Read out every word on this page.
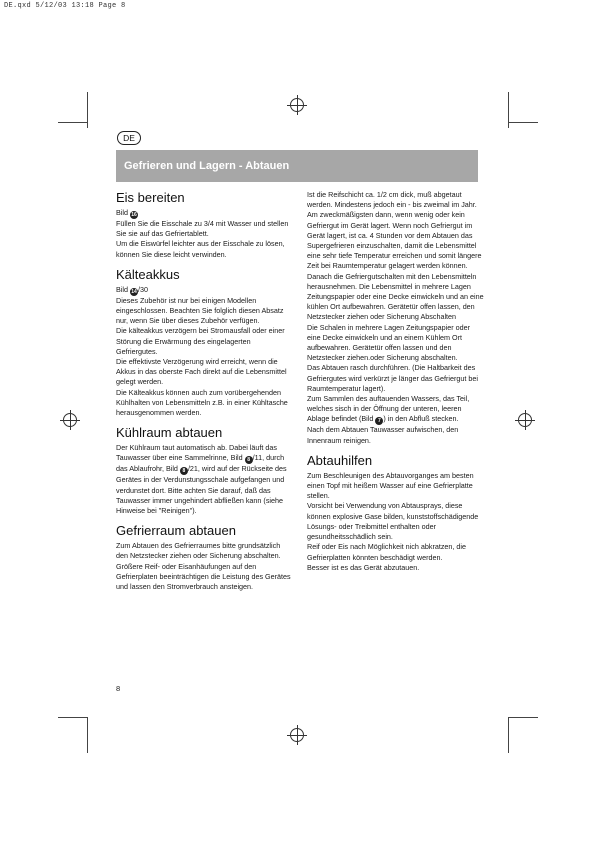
DE.qxd 5/12/03 13:18 Page 8
DE
Gefrieren und Lagern - Abtauen
Eis bereiten

Bild 16

Füllen Sie die Eisschale zu 3/4 mit Wasser und stellen Sie sie auf das Gefriertablett.

Um die Eiswürfel leichter aus der Eisschale zu lösen, können Sie diese leicht verwinden.

Kälteakkus

Bild 14/30

Dieses Zubehör ist nur bei einigen Modellen eingeschlossen. Beachten Sie folglich diesen Absatz nur, wenn Sie über dieses Zubehör verfügen.

Die kälteakkus verzögern bei Stromausfall oder einer Störung die Erwärmung des eingelagerten Gefriergutes.

Die effektivste Verzögerung wird erreicht, wenn die Akkus in das oberste Fach direkt auf die Lebensmittel gelegt werden.

Die Kälteakkus können auch zum vorübergehenden Kühlhalten von Lebensmitteln z.B. in einer Kühltasche herausgenommen werden.

Kühlraum abtauen

Der Kühlraum taut automatisch ab. Dabei läuft das Tauwasser über eine Sammelrinne, Bild 8 /11, durch das Ablaufrohr, Bild 8 /21, wird auf der Rückseite des Gerätes in der Verdunstungsschale aufgefangen und verdunstet dort. Bitte achten Sie darauf, daß das Tauwasser immer ungehindert abfließen kann (siehe Hinweise bei "Reinigen").

Gefrierraum abtauen

Zum Abtauen des Gefrierraumes bitte grundsätzlich den Netzstecker ziehen oder Sicherung abschalten.

Größere Reif- oder Eisanhäufungen auf den Gefrierplaten beeinträchtigen die Leistung des Gerätes und lassen den Stromverbrauch ansteigen.

Ist die Reifschicht ca. 1/2 cm dick, muß abgetaut werden. Mindestens jedoch ein - bis zweimal im Jahr. Am zweckmäßigsten dann, wenn wenig oder kein Gefriergut im Gerät lagert. Wenn noch Gefriergut im Gerät lagert, ist ca. 4 Stunden vor dem Abtauen das Supergefrieren einzuschalten, damit die Lebensmittel eine sehr tiefe Temperatur erreichen und somit längere Zeit bei Raumtemperatur gelagert werden können.

Danach die Gefriergutschalten mit den Lebensmitteln herausnehmen. Die Lebensmittel in mehrere Lagen Zeitungspapier oder eine Decke einwickeln und an eine kühlen Ort aufbewahren. Gerätetür offen lassen, den Netzstecker ziehen oder Sicherung Abschalten

Die Schalen in mehrere Lagen Zeitungspapier oder eine Decke einwickeln und an einem Kühlem Ort aufbewahren. Gerätetür offen lassen und den Netzstecker ziehen.oder Sicherung abschalten.

Das Abtauen rasch durchführen. (Die Haltbarkeit des Gefriergutes wird verkürzt je länger das Gefriergut bei Raumtemperatur lagert).

Zum Sammlen des auftauenden Wassers, das Teil, welches sisch in der Öffnung der unteren, leeren Ablage befindet (Bild 7 ) in den Abfluß stecken.

Nach dem Abtauen Tauwasser aufwischen, den Innenraum reinigen.

Abtauhilfen

Zum Beschleunigen des Abtauvorganges am besten einen Topf mit heißem Wasser auf eine Gefrierplatte stellen.

Vorsicht bei Verwendung von Abtausprays, diese können explosive Gase bilden, kunststoffschädigende Lösungs- oder Treibmittel enthalten oder gesundheitsschädlich sein.

Reif oder Eis nach Möglichkeit nich abkratzen, die Gefrierplatten könnten beschädigt werden.

Besser ist es das Gerät abzutauen.

8
